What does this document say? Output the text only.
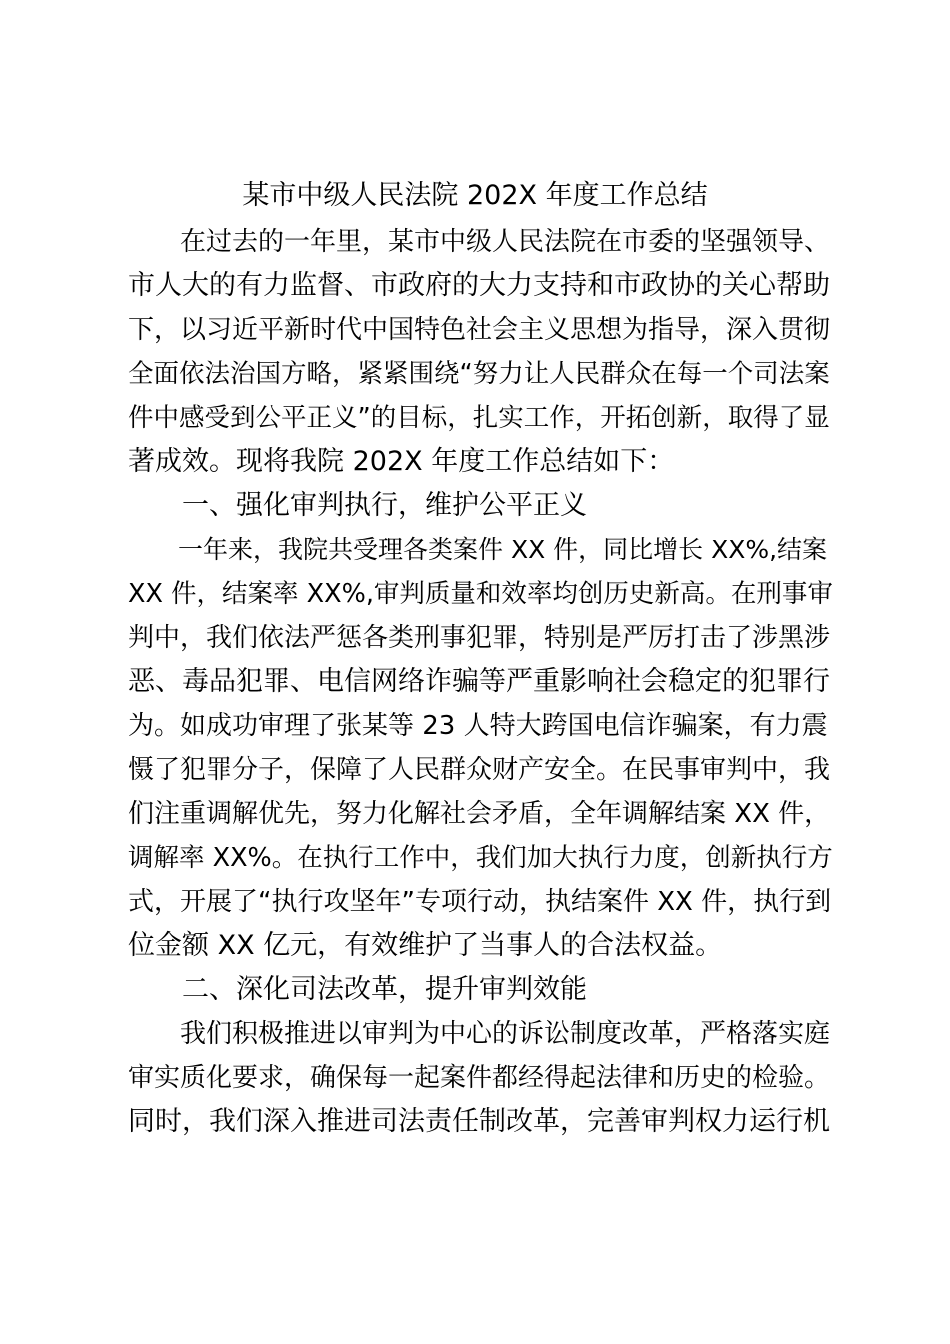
某市中级人民法院 202X 年度工作总结
　　在过去的一年里，某市中级人民法院在市委的坚强领导、
市人大的有力监督、市政府的大力支持和市政协的关心帮助
下，以习近平新时代中国特色社会主义思想为指导，深入贯彻
全面依法治国方略，紧紧围绕“努力让人民群众在每一个司法案
件中感受到公平正义”的目标，扎实工作，开拓创新，取得了显
著成效。现将我院 202X 年度工作总结如下：
　　一、强化审判执行，维护公平正义
　　一年来，我院共受理各类案件 XX 件，同比增长 XX%,结案
XX 件，结案率 XX%,审判质量和效率均创历史新高。在刑事审
判中，我们依法严惩各类刑事犯罪，特别是严厉打击了涉黑涉
恶、毒品犯罪、电信网络诈骗等严重影响社会稳定的犯罪行
为。如成功审理了张某等 23 人特大跨国电信诈骗案，有力震
慑了犯罪分子，保障了人民群众财产安全。在民事审判中，我
们注重调解优先，努力化解社会矛盾，全年调解结案 XX 件，
调解率 XX%。在执行工作中，我们加大执行力度，创新执行方
式，开展了“执行攻坚年”专项行动，执结案件 XX 件，执行到
位金额 XX 亿元，有效维护了当事人的合法权益。
　　二、深化司法改革，提升审判效能
　　我们积极推进以审判为中心的诉讼制度改革，严格落实庭
审实质化要求，确保每一起案件都经得起法律和历史的检验。
同时，我们深入推进司法责任制改革，完善审判权力运行机
